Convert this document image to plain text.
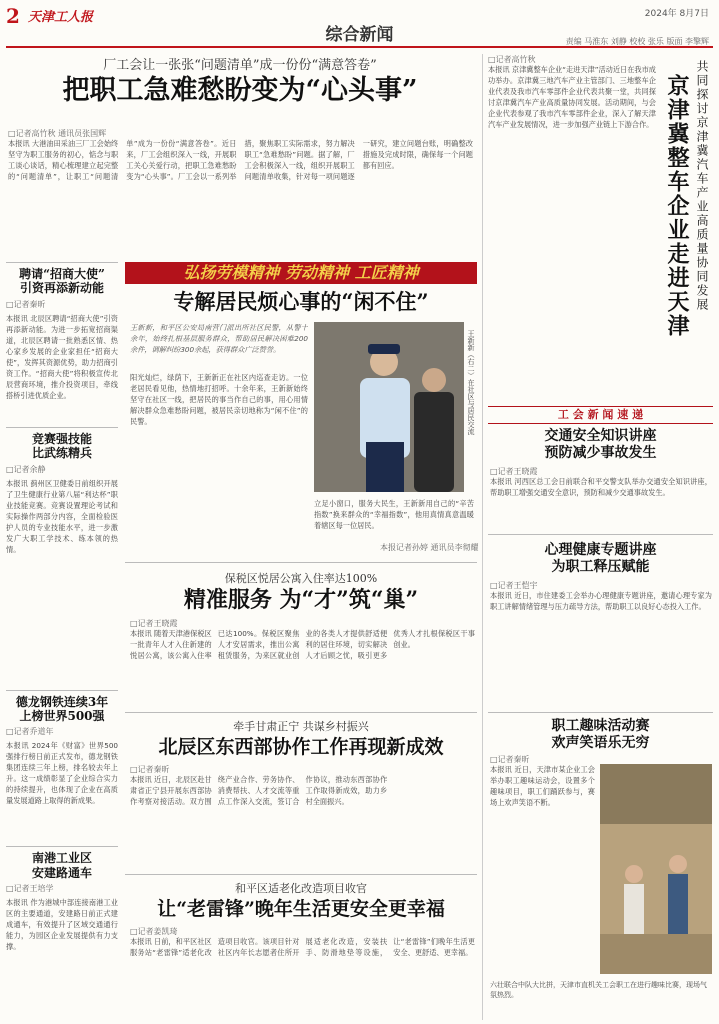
2 天津工人报	2024年 8月7日
综合新闻	责编 马淮东 刘静 校校 张乐 版面 李擎辉
厂工会让一张张“问题清单”成一份份“满意答卷”
把职工急难愁盼变为“心头事”
□记者高竹秋 通讯员张国辉
本报讯 大港油田采油三厂工会始终坚守为职工服务的初心，惦念与职工谈心谈话，精心梳理建立起完整的“问题清单”，让职工“问题清单”成为一份份“满意答卷”。近日来，厂工会组织深入一线，开展职工关心关爱行动，把职工急难愁盼变为“心头事”。厂工会以一系列举措，聚焦职工实际需求，努力解决职工“急难愁盼”问题。据了解，厂工会积极深入一线，组织开展职工问题清单收集，针对每一项问题逐一研究，建立问题台账，明确整改措施及完成时限，确保每一个问题都有回应。
聘请“招商大使”
引资再添新动能
□记者秦昕
本报讯 北辰区聘请“招商大使”引资再添新动能。为进一步拓宽招商渠道，北辰区聘请一批熟悉区情、热心家乡发展的企业家担任“招商大使”，发挥其资源优势，助力招商引资工作。“招商大使”将积极宣传北辰营商环境，推介投资项目，牵线搭桥引进优质企业。
竞赛强技能
比武练精兵
□记者余静
本报讯 蓟州区卫健委日前组织开展了卫生健康行业第八届“利达杯”职业技能竞赛。竞赛设置理论考试和实际操作两部分内容，全面检验医护人员的专业技能水平，进一步激发广大职工学技术、练本领的热情。
德龙钢铁连续3年
上榜世界500强
□记者乔道年
本报讯 2024年《财富》世界500强排行榜日前正式发布，德龙钢铁集团连续三年上榜，排名较去年上升。这一成绩彰显了企业综合实力的持续提升，也体现了企业在高质量发展道路上取得的新成果。
南港工业区
安建路通车
□记者王培学
本报讯 作为港城中部连接南港工业区的主要通道，安建路日前正式建成通车，有效提升了区域交通通行能力，为园区企业发展提供有力支撑。
弘扬劳模精神 劳动精神 工匠精神
专解居民烦心事的“闲不住”
王新新，和平区公安局南营门派出所社区民警，从警十余年，始终扎根基层服务群众，帮助居民解决困难200余件，调解纠纷300余起，获得群众广泛赞誉。
阳光灿烂，绿荫下，王新新正在社区内巡查走访。一位老居民看见他，热情地打招呼。十余年来，王新新始终坚守在社区一线，把居民的事当作自己的事，用心用情解决群众急难愁盼问题，被居民亲切地称为“闲不住”的民警。	王新新（右二）在社区与居民交流
立足小窗口，服务大民生，王新新用自己的“辛苦指数”换来群众的“幸福指数”，他用真情真意温暖着辖区每一位居民。
本报记者孙婷 通讯员李彻耀
保税区悦居公寓入住率达100%
精准服务 为“才”筑“巢”
□记者王晓霞
本报讯 随着天津港保税区一批青年人才入住新建的悦居公寓，该公寓入住率已达100%。保税区聚焦人才安居需求，推出公寓租赁服务，为来区就业创业的各类人才提供舒适便利的居住环境，切实解决人才后顾之忧，吸引更多优秀人才扎根保税区干事创业。
牵手甘肃正宁 共谋乡村振兴
北辰区东西部协作工作再现新成效
□记者秦昕
本报讯 近日，北辰区赴甘肃省正宁县开展东西部协作考察对接活动。双方围绕产业合作、劳务协作、消费帮扶、人才交流等重点工作深入交流，签订合作协议，推动东西部协作工作取得新成效，助力乡村全面振兴。
和平区适老化改造项目收官
让“老雷锋”晚年生活更安全更幸福
□记者姜凯琦
本报讯 日前，和平区社区服务站“老雷锋”适老化改造项目收官。该项目针对社区内年长志愿者住所开展适老化改造，安装扶手、防滑地垫等设施，让“老雷锋”们晚年生活更安全、更舒适、更幸福。
□记者高竹秋
本报讯 京津冀整车企业“走进天津”活动近日在我市成功举办。京津冀三地汽车产业主管部门、三地整车企业代表及我市汽车零部件企业代表共聚一堂，共同探讨京津冀汽车产业高质量协同发展。活动期间，与会企业代表参观了我市汽车零部件企业，深入了解天津汽车产业发展情况，进一步加强产业链上下游合作。	共同探讨京津冀汽车产业高质量协同发展
京津冀整车企业走进天津
工 会 新 闻 速 递
交通安全知识讲座
预防减少事故发生
□记者王晓霞
本报讯 河西区总工会日前联合和平交警支队举办交通安全知识讲座，帮助职工增强交通安全意识，预防和减少交通事故发生。
心理健康专题讲座
为职工释压赋能
□记者王恺宇
本报讯 近日，市住建委工会举办心理健康专题讲座，邀请心理专家为职工讲解情绪管理与压力疏导方法，帮助职工以良好心态投入工作。
职工趣味活动赛
欢声笑语乐无穷
□记者秦昕
本报讯 近日，天津市某企业工会举办职工趣味运动会，设置多个趣味项目，职工们踊跃参与，赛场上欢声笑语不断。
六壮联合中队大比拼，天津市直机关工会职工在进行趣味比赛，现场气氛热烈。
